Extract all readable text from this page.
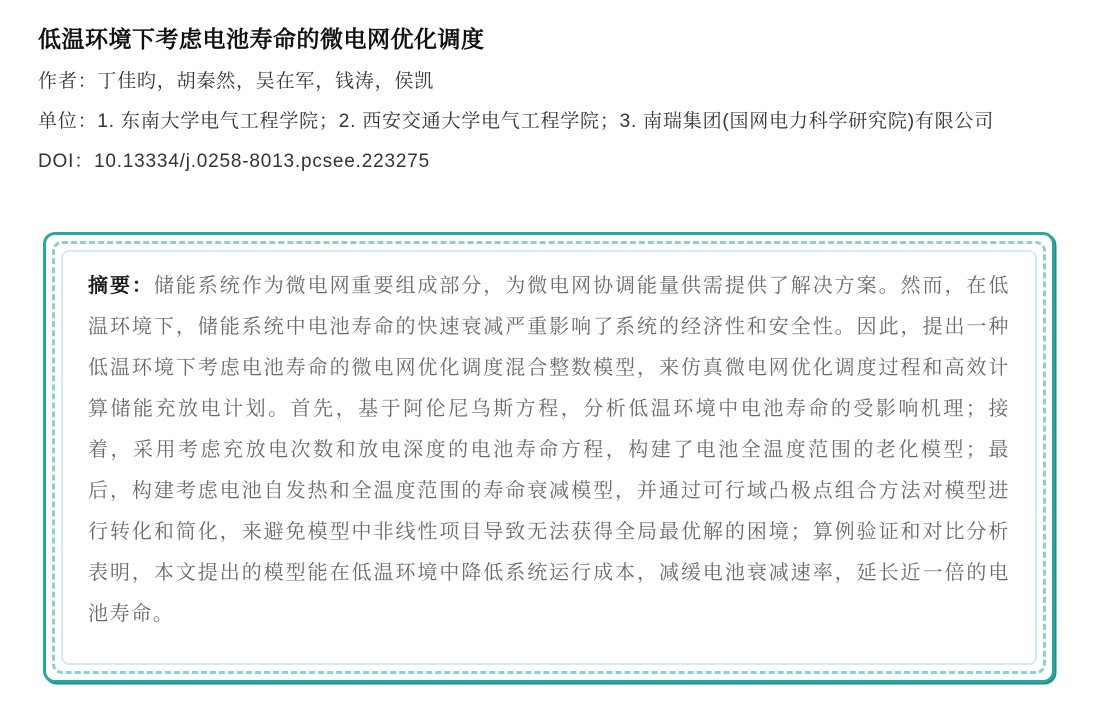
低温环境下考虑电池寿命的微电网优化调度

作者：丁佳昀，胡秦然，吴在军，钱涛，侯凯

单位：1. 东南大学电气工程学院；2. 西安交通大学电气工程学院；3. 南瑞集团(国网电力科学研究院)有限公司

DOI：10.13334/j.0258-8013.pcsee.223275

摘要：储能系统作为微电网重要组成部分，为微电网协调能量供需提供了解决方案。然而，在低温环境下，储能系统中电池寿命的快速衰减严重影响了系统的经济性和安全性。因此，提出一种低温环境下考虑电池寿命的微电网优化调度混合整数模型，来仿真微电网优化调度过程和高效计算储能充放电计划。首先，基于阿伦尼乌斯方程，分析低温环境中电池寿命的受影响机理；接着，采用考虑充放电次数和放电深度的电池寿命方程，构建了电池全温度范围的老化模型；最后，构建考虑电池自发热和全温度范围的寿命衰减模型，并通过可行域凸极点组合方法对模型进行转化和简化，来避免模型中非线性项目导致无法获得全局最优解的困境；算例验证和对比分析表明，本文提出的模型能在低温环境中降低系统运行成本，减缓电池衰减速率，延长近一倍的电池寿命。
